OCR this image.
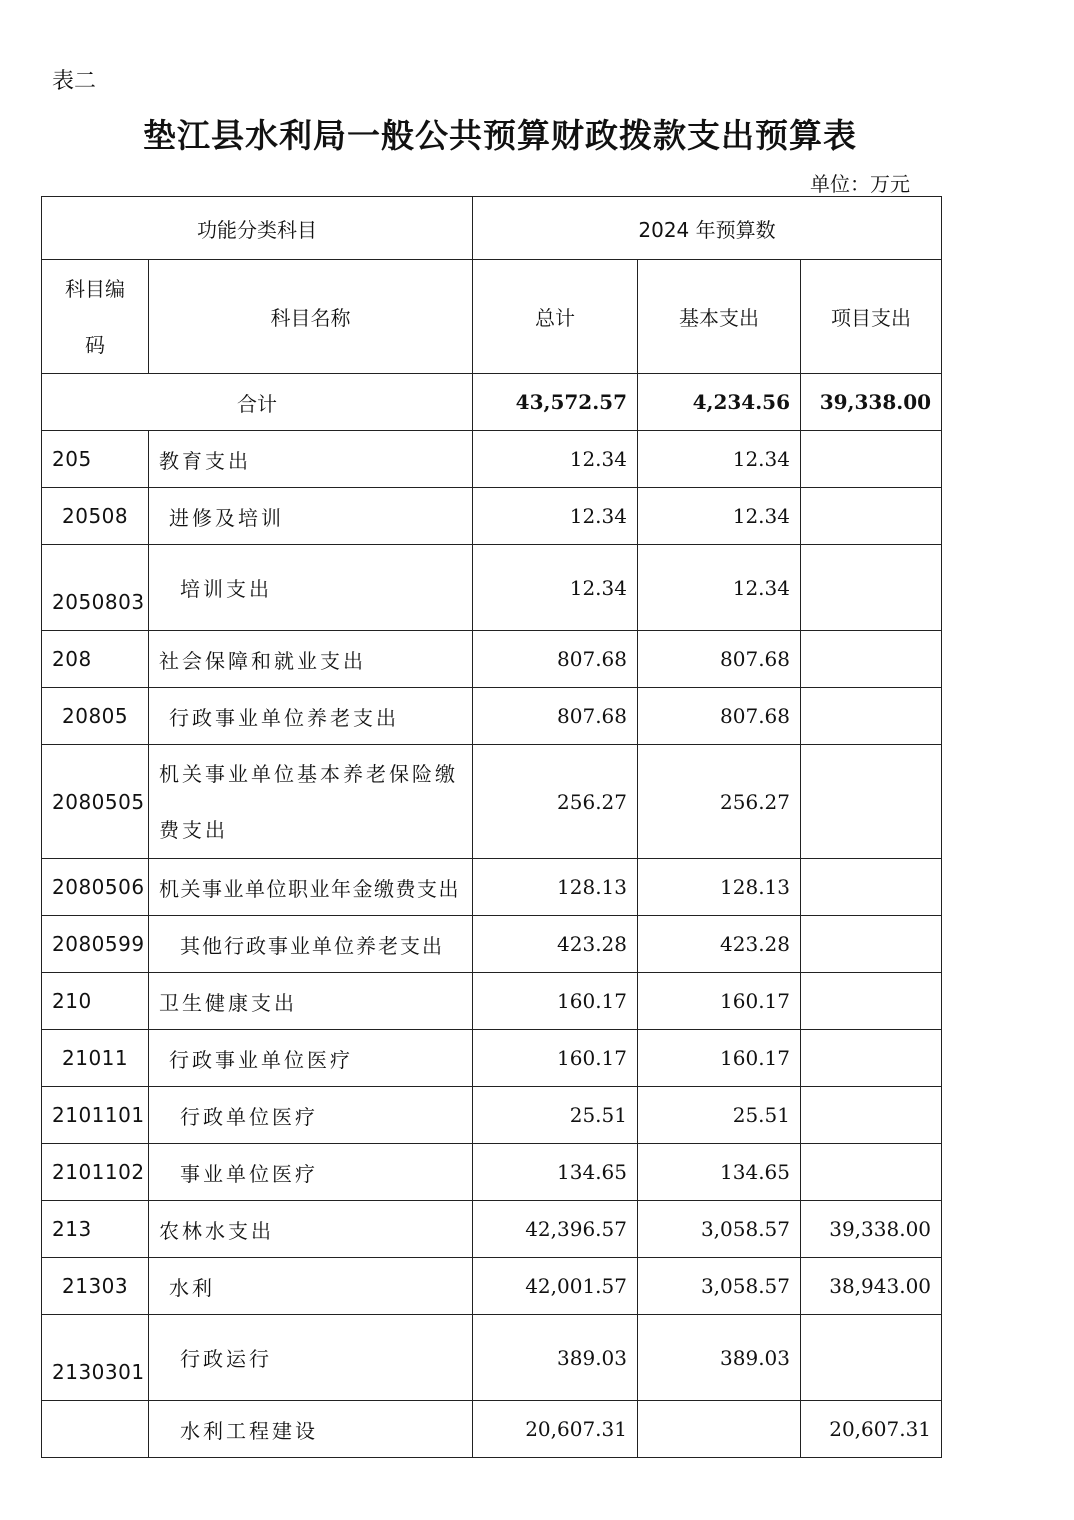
表二
垫江县水利局一般公共预算财政拨款支出预算表
单位：万元
功能分类科目		2024 年预算数		
科目编码	科目名称	总计	基本支出	项目支出
合计		43,572.57	4,234.56	39,338.00
205	教育支出	12.34	12.34	
20508	进修及培训	12.34	12.34	
2050803	培训支出	12.34	12.34	
208	社会保障和就业支出	807.68	807.68	
20805	行政事业单位养老支出	807.68	807.68	
2080505	机关事业单位基本养老保险缴费支出	256.27	256.27	
2080506	机关事业单位职业年金缴费支出	128.13	128.13	
2080599	其他行政事业单位养老支出	423.28	423.28	
210	卫生健康支出	160.17	160.17	
21011	行政事业单位医疗	160.17	160.17	
2101101	行政单位医疗	25.51	25.51	
2101102	事业单位医疗	134.65	134.65	
213	农林水支出	42,396.57	3,058.57	39,338.00
21303	水利	42,001.57	3,058.57	38,943.00
2130301	行政运行	389.03	389.03	
	水利工程建设	20,607.31		20,607.31
